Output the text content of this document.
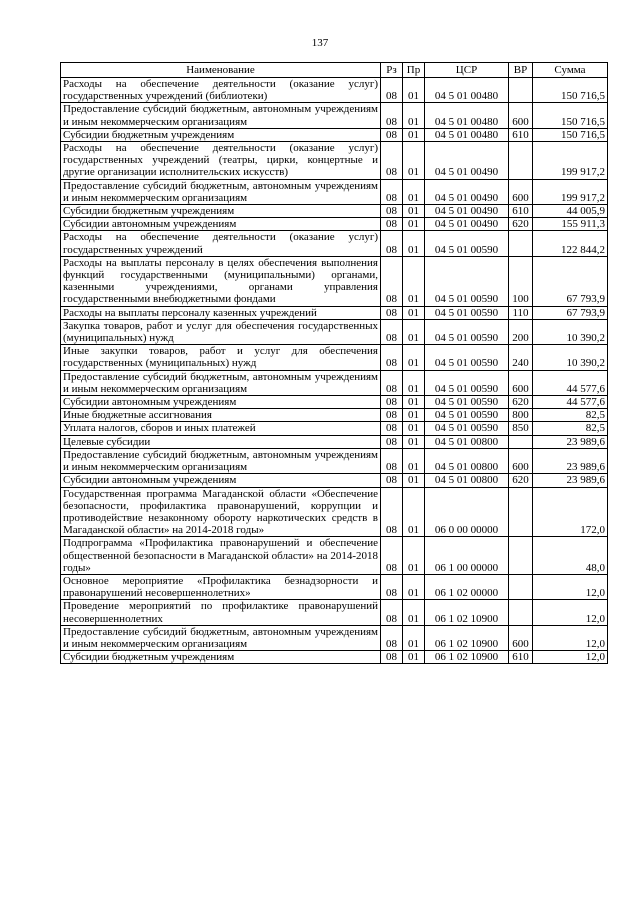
137
Наименование	Рз	Пр	ЦСР	ВР	Сумма
Расходы на обеспечение деятельности (оказание услуг) государственных учреждений (библиотеки)	08	01	04 5 01 00480		150 716,5
Предоставление субсидий бюджетным, автономным учреждениям и иным некоммерческим организациям	08	01	04 5 01 00480	600	150 716,5
Субсидии бюджетным учреждениям	08	01	04 5 01 00480	610	150 716,5
Расходы на обеспечение деятельности (оказание услуг) государственных учреждений (театры, цирки, концертные и другие организации исполнительских искусств)	08	01	04 5 01 00490		199 917,2
Предоставление субсидий бюджетным, автономным учреждениям и иным некоммерческим организациям	08	01	04 5 01 00490	600	199 917,2
Субсидии бюджетным учреждениям	08	01	04 5 01 00490	610	44 005,9
Субсидии автономным учреждениям	08	01	04 5 01 00490	620	155 911,3
Расходы на обеспечение деятельности (оказание услуг) государственных учреждений	08	01	04 5 01 00590		122 844,2
Расходы на выплаты персоналу в целях обеспечения выполнения функций государственными (муниципальными) органами, казенными учреждениями, органами управления государственными внебюджетными фондами	08	01	04 5 01 00590	100	67 793,9
Расходы на выплаты персоналу казенных учреждений	08	01	04 5 01 00590	110	67 793,9
Закупка товаров, работ и услуг для обеспечения государственных (муниципальных) нужд	08	01	04 5 01 00590	200	10 390,2
Иные закупки товаров, работ и услуг для обеспечения государственных (муниципальных) нужд	08	01	04 5 01 00590	240	10 390,2
Предоставление субсидий бюджетным, автономным учреждениям и иным некоммерческим организациям	08	01	04 5 01 00590	600	44 577,6
Субсидии автономным учреждениям	08	01	04 5 01 00590	620	44 577,6
Иные бюджетные ассигнования	08	01	04 5 01 00590	800	82,5
Уплата налогов, сборов и иных платежей	08	01	04 5 01 00590	850	82,5
Целевые субсидии	08	01	04 5 01 00800		23 989,6
Предоставление субсидий бюджетным, автономным учреждениям и иным некоммерческим организациям	08	01	04 5 01 00800	600	23 989,6
Субсидии автономным учреждениям	08	01	04 5 01 00800	620	23 989,6
Государственная программа Магаданской области «Обеспечение безопасности, профилактика правонарушений, коррупции и противодействие незаконному обороту наркотических средств в Магаданской области» на 2014-2018 годы»	08	01	06 0 00 00000		172,0
Подпрограмма «Профилактика правонарушений и обеспечение общественной безопасности в Магаданской области» на 2014-2018 годы»	08	01	06 1 00 00000		48,0
Основное мероприятие «Профилактика безнадзорности и правонарушений несовершеннолетних»	08	01	06 1 02 00000		12,0
Проведение мероприятий по профилактике правонарушений несовершеннолетних	08	01	06 1 02 10900		12,0
Предоставление субсидий бюджетным, автономным учреждениям и иным некоммерческим организациям	08	01	06 1 02 10900	600	12,0
Субсидии бюджетным учреждениям	08	01	06 1 02 10900	610	12,0
